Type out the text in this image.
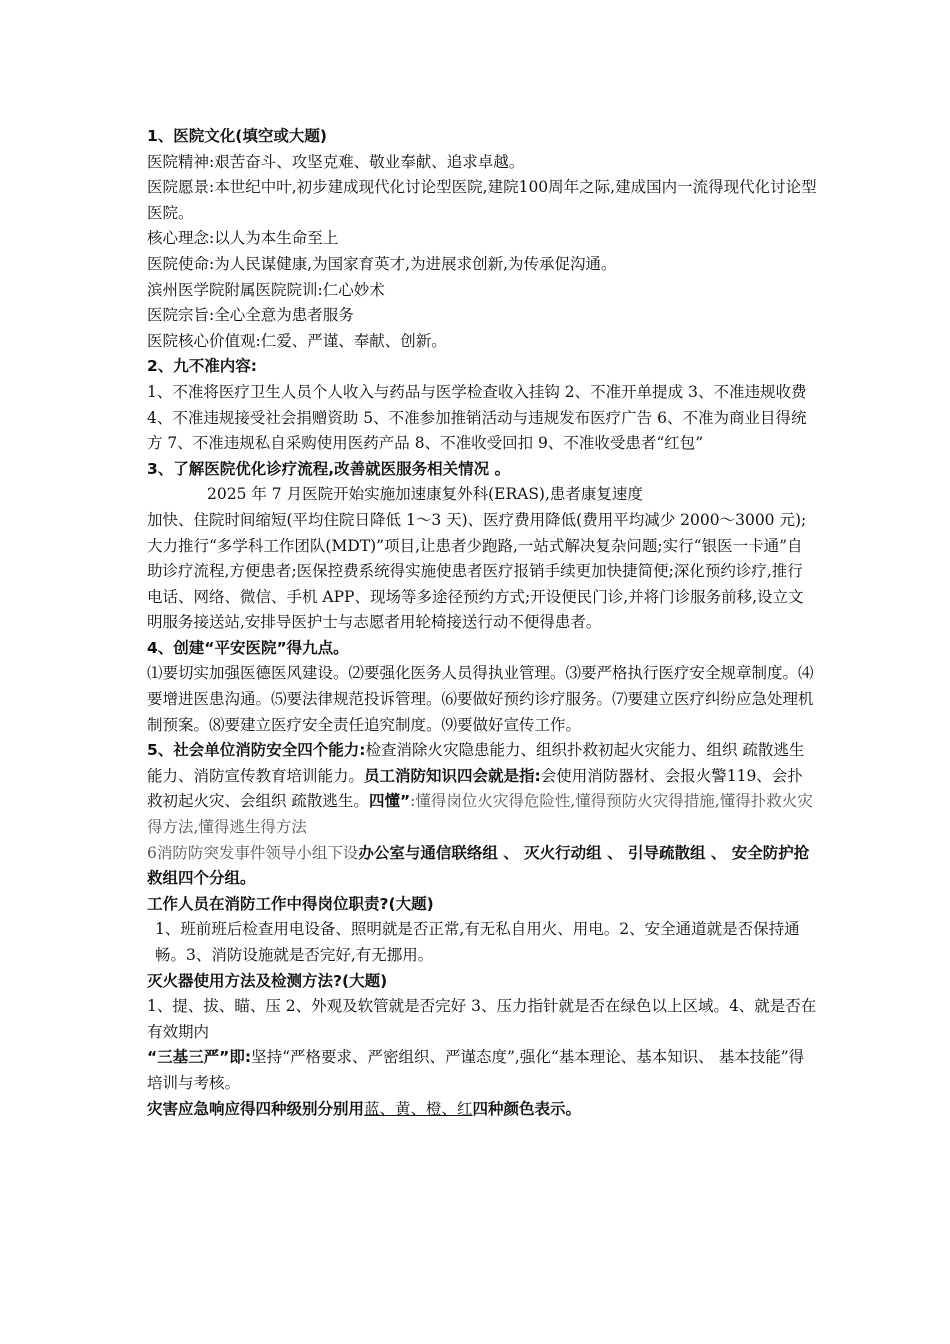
1、医院文化(填空或大题)
医院精神:艰苦奋斗、攻坚克难、敬业奉献、追求卓越。
医院愿景:本世纪中叶,初步建成现代化讨论型医院,建院100周年之际,建成国内一流得现代化讨论型医院。
核心理念:以人为本生命至上
医院使命:为人民谋健康,为国家育英才,为进展求创新,为传承促沟通。
滨州医学院附属医院院训:仁心妙术
医院宗旨:全心全意为患者服务
医院核心价值观:仁爱、严谨、奉献、创新。
2、九不准内容:
1、不准将医疗卫生人员个人收入与药品与医学检查收入挂钩 2、不准开单提成 3、不准违规收费 4、不准违规接受社会捐赠资助 5、不准参加推销活动与违规发布医疗广告 6、不准为商业目得统方 7、不准违规私自采购使用医药产品 8、不准收受回扣 9、不准收受患者“红包”
3、了解医院优化诊疗流程,改善就医服务相关情况 。
2025 年 7 月医院开始实施加速康复外科(ERAS),患者康复速度
加快、住院时间缩短(平均住院日降低 1～3 天)、医疗费用降低(费用平均减少 2000～3000 元);大力推行“多学科工作团队(MDT)”项目,让患者少跑路,一站式解决复杂问题;实行“银医一卡通”自助诊疗流程,方便患者;医保控费系统得实施使患者医疗报销手续更加快捷简便;深化预约诊疗,推行电话、网络、微信、手机 APP、现场等多途径预约方式;开设便民门诊,并将门诊服务前移,设立文明服务接送站,安排导医护士与志愿者用轮椅接送行动不便得患者。
4、创建“平安医院”得九点。
⑴要切实加强医德医风建设。⑵要强化医务人员得执业管理。⑶要严格执行医疗安全规章制度。⑷要增进医患沟通。⑸要法律规范投诉管理。⑹要做好预约诊疗服务。⑺要建立医疗纠纷应急处理机制预案。⑻要建立医疗安全责任追究制度。⑼要做好宣传工作。
5、社会单位消防安全四个能力:检查消除火灾隐患能力、组织扑救初起火灾能力、组织 疏散逃生能力、消防宣传教育培训能力。员工消防知识四会就是指:会使用消防器材、会报火警119、会扑救初起火灾、会组织 疏散逃生。四懂”:懂得岗位火灾得危险性,懂得预防火灾得措施,懂得扑救火灾得方法,懂得逃生得方法
6消防防突发事件领导小组下设办公室与通信联络组 、 灭火行动组 、 引导疏散组 、 安全防护抢救组四个分组。
工作人员在消防工作中得岗位职责?(大题)
1、班前班后检查用电设备、照明就是否正常,有无私自用火、用电。2、安全通道就是否保持通畅。3、消防设施就是否完好,有无挪用。
灭火器使用方法及检测方法?(大题)
1、提、拔、瞄、压 2、外观及软管就是否完好 3、压力指针就是否在绿色以上区域。4、就是否在有效期内
“三基三严”即:坚持“严格要求、严密组织、严谨态度”,强化“基本理论、基本知识、 基本技能”得培训与考核。
灾害应急响应得四种级别分别用蓝、黄、橙、红四种颜色表示。
